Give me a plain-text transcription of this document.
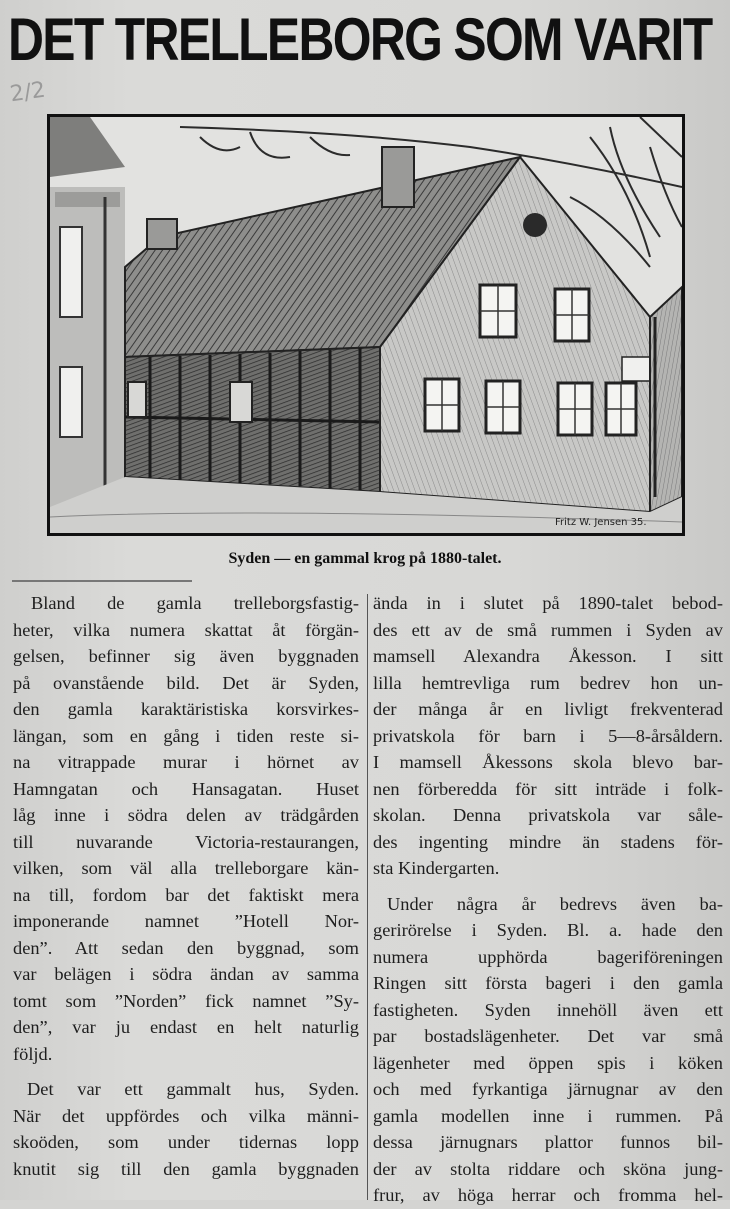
DET TRELLEBORG SOM VARIT
2/2
Fritz W. Jensen 35.
Syden — en gammal krog på 1880-talet.

Bland de gamla trelleborgsfastig-
heter, vilka numera skattat åt förgän-
gelsen, befinner sig även byggnaden
på ovanstående bild. Det är Syden,
den gamla karaktäristiska korsvirkes-
längan, som en gång i tiden reste si-
na vitrappade murar i hörnet av
Hamngatan och Hansagatan. Huset
låg inne i södra delen av trädgården
till nuvarande Victoria-restaurangen,
vilken, som väl alla trelleborgare kän-
na till, fordom bar det faktiskt mera
imponerande namnet ”Hotell Nor-
den”. Att sedan den byggnad, som
var belägen i södra ändan av samma
tomt som ”Norden” fick namnet ”Sy-
den”, var ju endast en helt naturlig
följd.

Det var ett gammalt hus, Syden.
När det uppfördes och vilka männi-
skoöden, som under tidernas lopp
knutit sig till den gamla byggnaden

ända in i slutet på 1890-talet bebod-
des ett av de små rummen i Syden av
mamsell Alexandra Åkesson. I sitt
lilla hemtrevliga rum bedrev hon un-
der många år en livligt frekventerad
privatskola för barn i 5—8-årsåldern.
I mamsell Åkessons skola blevo bar-
nen förberedda för sitt inträde i folk-
skolan. Denna privatskola var såle-
des ingenting mindre än stadens för-
sta Kindergarten.

Under några år bedrevs även ba-
gerirörelse i Syden. Bl. a. hade den
numera upphörda bageriföreningen
Ringen sitt första bageri i den gamla
fastigheten. Syden innehöll även ett
par bostadslägenheter. Det var små
lägenheter med öppen spis i köken
och med fyrkantiga järnugnar av den
gamla modellen inne i rummen. På
dessa järnugnars plattor funnos bil-
der av stolta riddare och sköna jung-
frur, av höga herrar och fromma hel-
